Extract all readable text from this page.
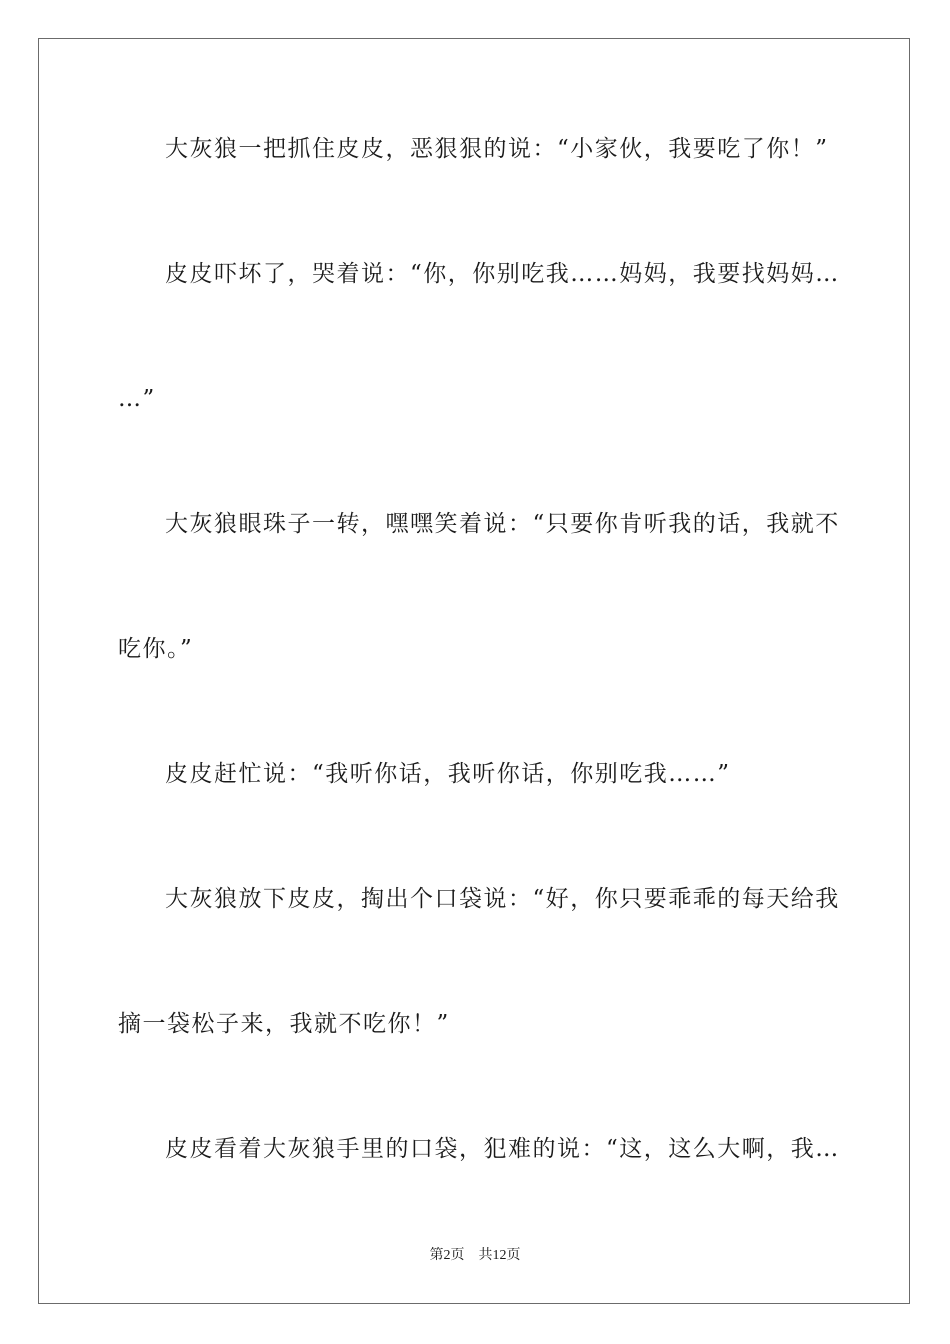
大灰狼一把抓住皮皮，恶狠狠的说：“小家伙，我要吃了你！”
皮皮吓坏了，哭着说：“你，你别吃我……妈妈，我要找妈妈…
…”
大灰狼眼珠子一转，嘿嘿笑着说：“只要你肯听我的话，我就不
吃你。”
皮皮赶忙说：“我听你话，我听你话，你别吃我……”
大灰狼放下皮皮，掏出个口袋说：“好，你只要乖乖的每天给我
摘一袋松子来，我就不吃你！”
皮皮看着大灰狼手里的口袋，犯难的说：“这，这么大啊，我…
第2页 共12页
